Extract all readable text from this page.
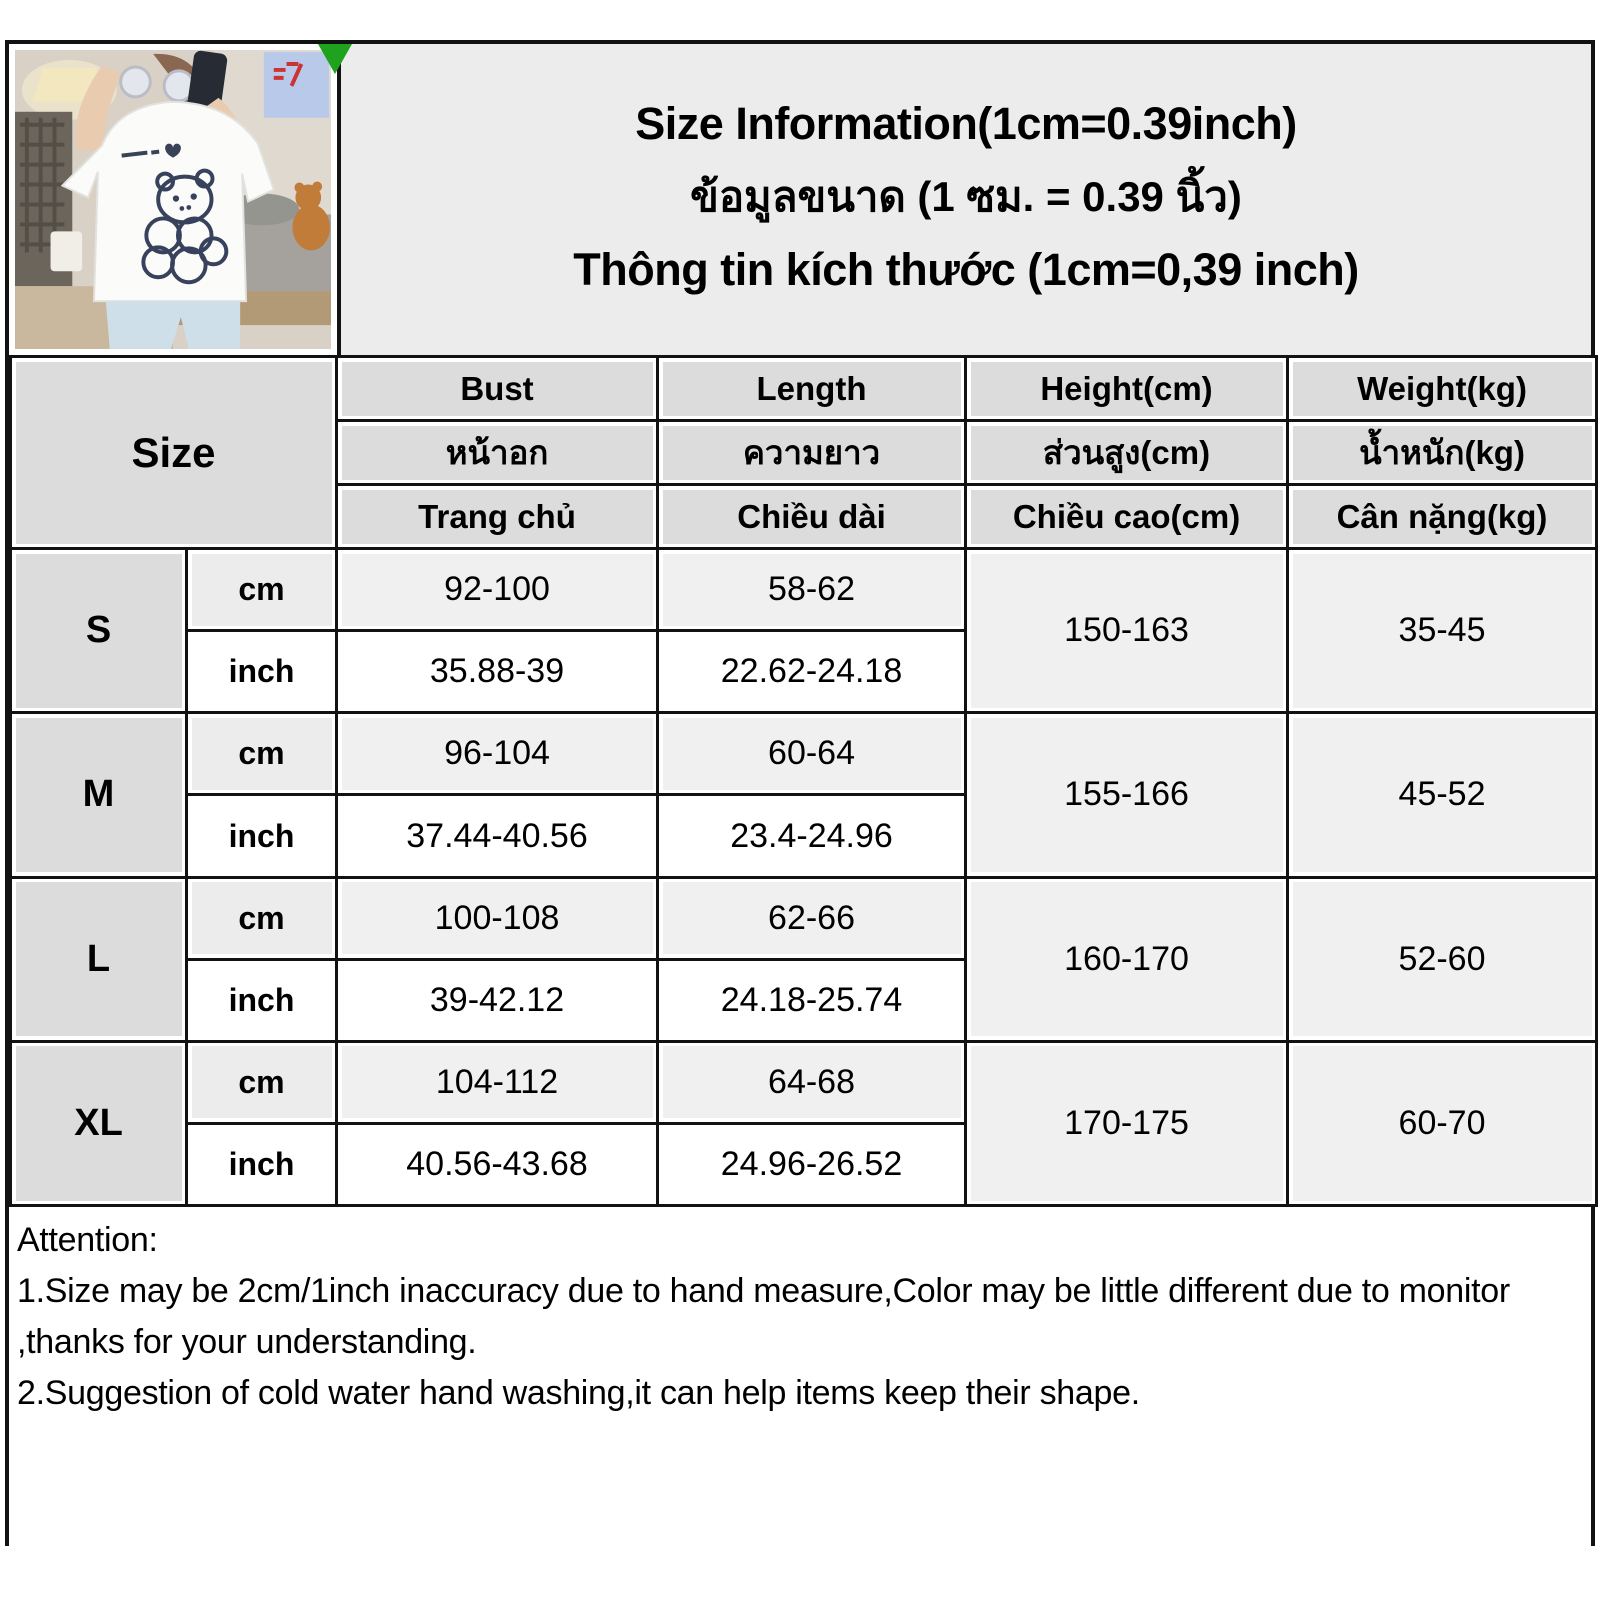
Size Information(1cm=0.39inch)
ข้อมูลขนาด (1 ซม. = 0.39 นิ้ว)
Thông tin kích thước (1cm=0,39 inch)
Size		Bust	Length	Height(cm)	Weight(kg)
		หน้าอก	ความยาว	ส่วนสูง(cm)	น้ำหนัก(kg)
		Trang chủ	Chiều dài	Chiều cao(cm)	Cân nặng(kg)
S	cm	92-100	58-62	150-163	35-45
	inch	35.88-39	22.62-24.18		
M	cm	96-104	60-64	155-166	45-52
	inch	37.44-40.56	23.4-24.96		
L	cm	100-108	62-66	160-170	52-60
	inch	39-42.12	24.18-25.74		
XL	cm	104-112	64-68	170-175	60-70
	inch	40.56-43.68	24.96-26.52		

Attention:

1.Size may be 2cm/1inch inaccuracy due to hand measure,Color may be little different due to monitor ,thanks for your understanding.

2.Suggestion of cold water hand washing,it can help items keep their shape.
